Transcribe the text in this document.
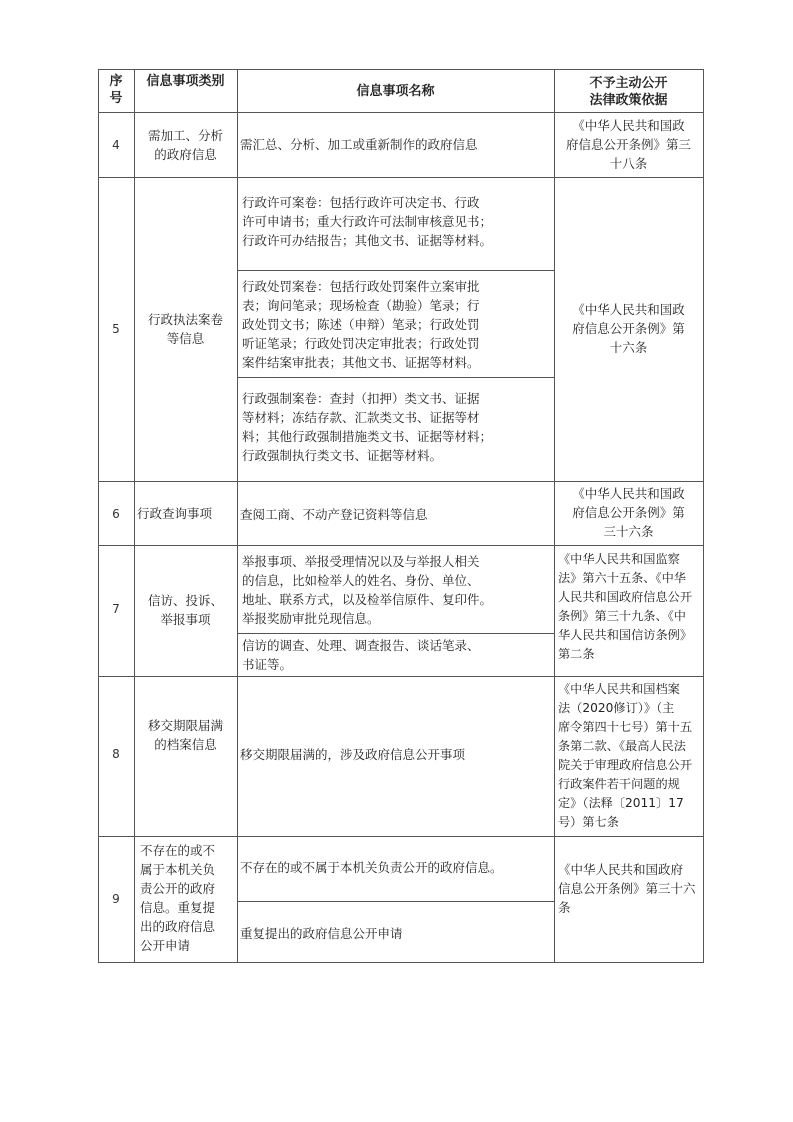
序
号
信息事项类别
信息事项名称
不予主动公开
法律政策依据
4
需加工、分析
的政府信息
需汇总、分析、加工或重新制作的政府信息
《中华人民共和国政
府信息公开条例》第三
十八条
5
行政执法案卷
等信息
行政许可案卷：包括行政许可决定书、行政
许可申请书；重大行政许可法制审核意见书；
行政许可办结报告；其他文书、证据等材料。
行政处罚案卷：包括行政处罚案件立案审批
表；询问笔录；现场检查（勘验）笔录；行
政处罚文书；陈述（申辩）笔录；行政处罚
听证笔录；行政处罚决定审批表；行政处罚
案件结案审批表；其他文书、证据等材料。
行政强制案卷：查封（扣押）类文书、证据
等材料；冻结存款、汇款类文书、证据等材
料；其他行政强制措施类文书、证据等材料；
行政强制执行类文书、证据等材料。
《中华人民共和国政
府信息公开条例》第
十六条
6	行政查询事项	查阅工商、不动产登记资料等信息
《中华人民共和国政
府信息公开条例》第
三十六条
7
信访、投诉、
举报事项
举报事项、举报受理情况以及与举报人相关
的信息，比如检举人的姓名、身份、单位、
地址、联系方式，以及检举信原件、复印件。
举报奖励审批兑现信息。
信访的调查、处理、调查报告、谈话笔录、
书证等。
《中华人民共和国监察
法》第六十五条、《中华
人民共和国政府信息公开
条例》第三十九条、《中
华人民共和国信访条例》
第二条
8
移交期限届满
的档案信息
移交期限届满的，涉及政府信息公开事项
《中华人民共和国档案
法（2020修订）》（主
席令第四十七号）第十五
条第二款、《最高人民法
院关于审理政府信息公开
行政案件若干问题的规
定》（法释〔2011〕17
号）第七条
9
不存在的或不
属于本机关负
责公开的政府
信息。重复提
出的政府信息
公开申请
不存在的或不属于本机关负责公开的政府信息。
重复提出的政府信息公开申请
《中华人民共和国政府
信息公开条例》第三十六
条
